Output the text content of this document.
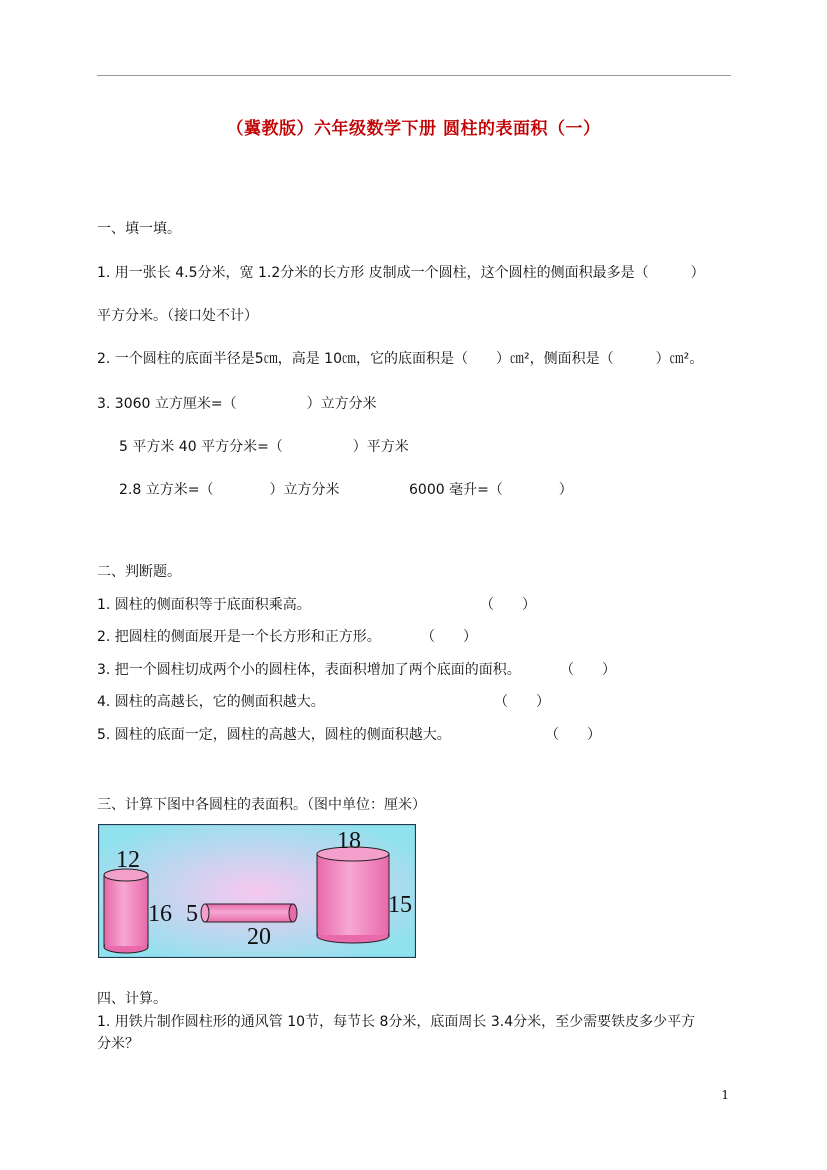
（冀教版）六年级数学下册 圆柱的表面积（一）
一、填一填。
1. 用一张长 4.5分米，宽 1.2分米的长方形 皮制成一个圆柱，这个圆柱的侧面积最多是（　　　）
平方分米。（接口处不计）
2. 一个圆柱的底面半径是5㎝，高是 10㎝，它的底面积是（　　）㎝²，侧面积是（　　　）㎝²。
3. 3060 立方厘米=（　　　　　）立方分米
5 平方米 40 平方分米=（　　　　　）平方米
2.8 立方米=（　　　　）立方分米	6000 毫升=（　　　　）
二、判断题。
1. 圆柱的侧面积等于底面积乘高。	（　　）
2. 把圆柱的侧面展开是一个长方形和正方形。	（　　）
3. 把一个圆柱切成两个小的圆柱体，表面积增加了两个底面的面积。	（　　）
4. 圆柱的高越长，它的侧面积越大。	（　　）
5. 圆柱的底面一定，圆柱的高越大，圆柱的侧面积越大。	（　　）
三、计算下图中各圆柱的表面积。（图中单位：厘米）
12
16 5
20
18
15
四、计算。
1. 用铁片制作圆柱形的通风管 10节，每节长 8分米，底面周长 3.4分米，至少需要铁皮多少平方
分米？
1
